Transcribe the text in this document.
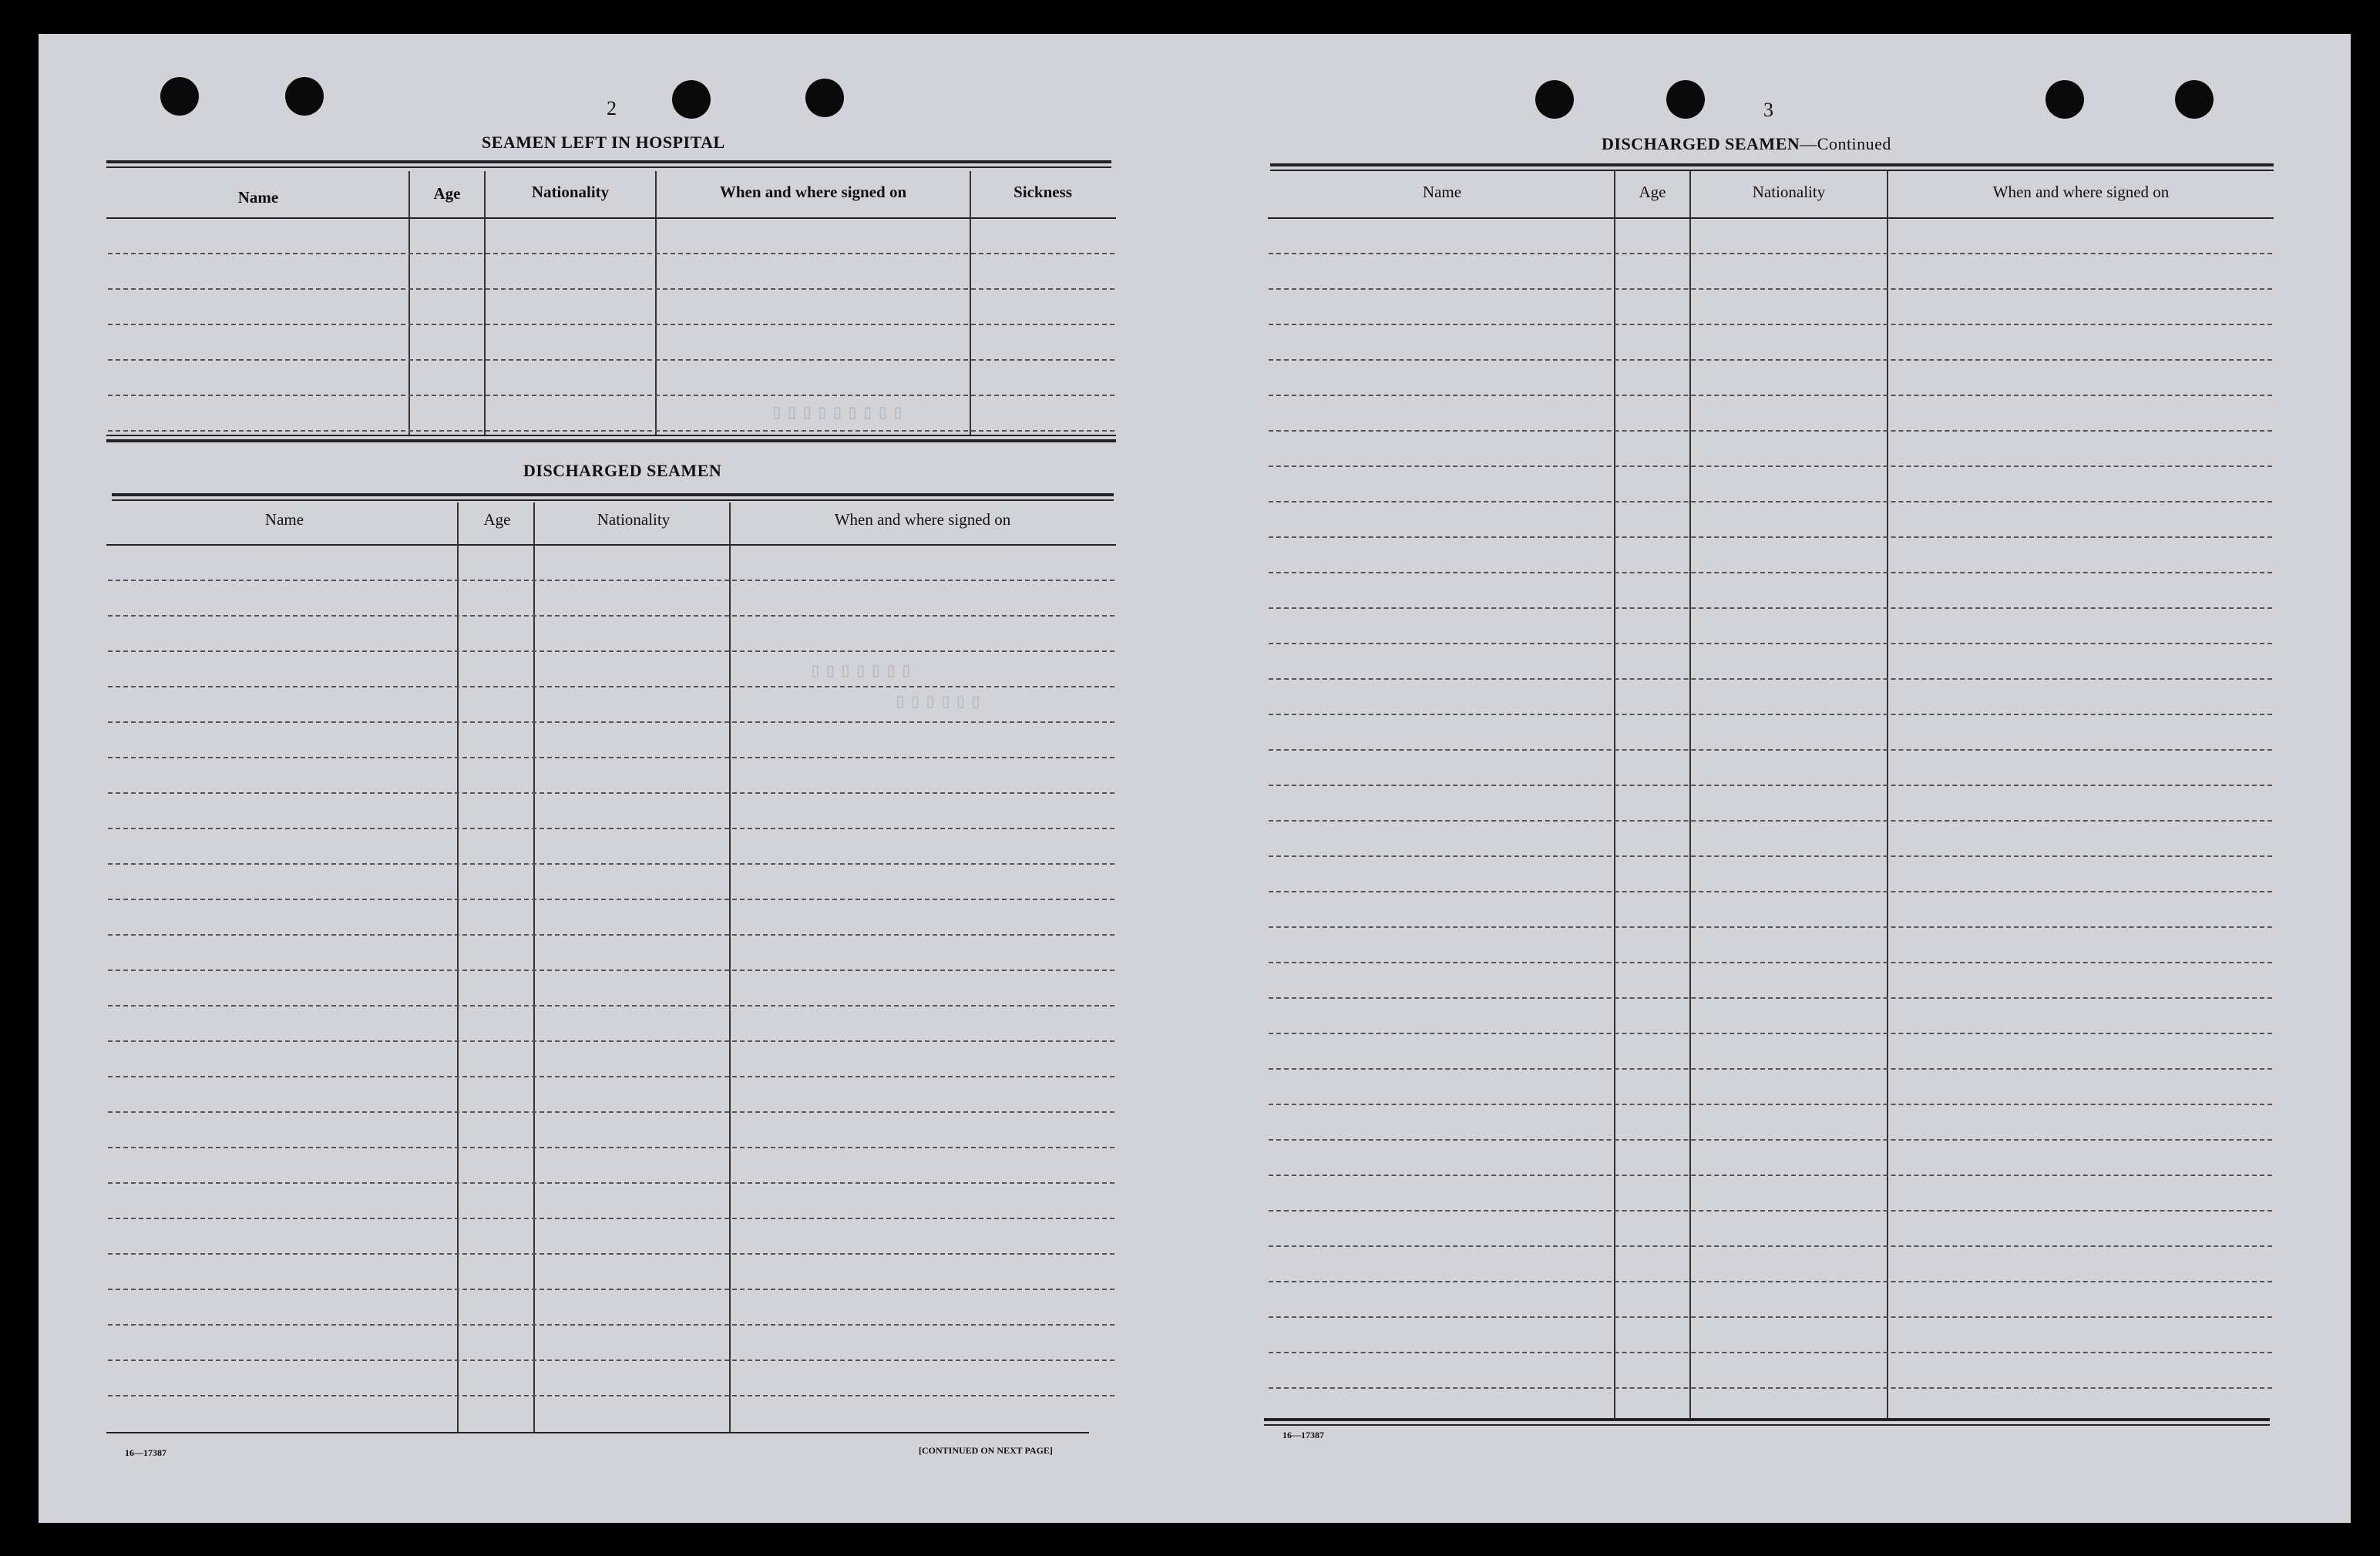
▯▯▯▯▯▯▯▯▯
▯▯▯▯▯▯▯
▯▯▯▯▯▯
2
SEAMEN LEFT IN HOSPITAL
Name	Age	Nationality	When and where signed on	Sickness
DISCHARGED SEAMEN
Name	Age	Nationality	When and where signed on
16—17387	[CONTINUED ON NEXT PAGE]
3
DISCHARGED SEAMEN—Continued
Name	Age	Nationality	When and where signed on
16—17387
